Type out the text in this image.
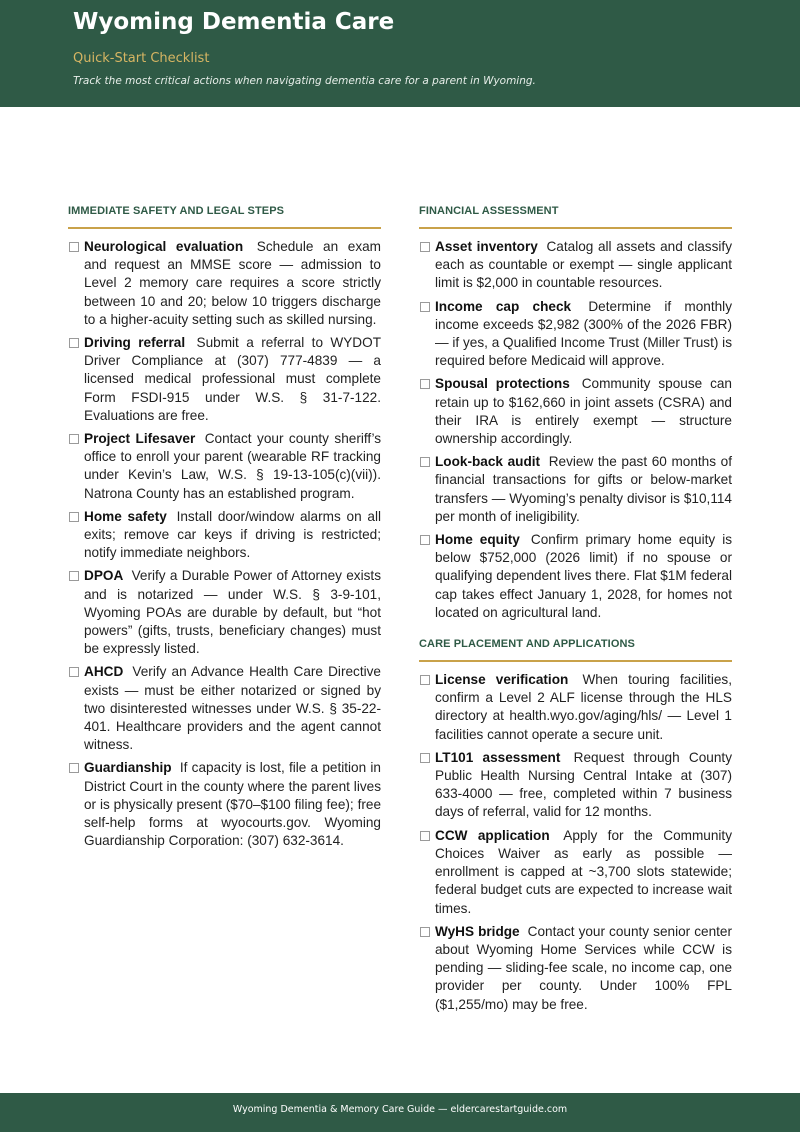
Wyoming Dementia Care
Quick-Start Checklist
Track the most critical actions when navigating dementia care for a parent in Wyoming.
IMMEDIATE SAFETY AND LEGAL STEPS
Neurological evaluation Schedule an exam and request an MMSE score — admission to Level 2 memory care requires a score strictly between 10 and 20; below 10 triggers discharge to a higher-acuity setting such as skilled nursing.
Driving referral Submit a referral to WYDOT Driver Compliance at (307) 777-4839 — a licensed medical professional must complete Form FSDI-915 under W.S. § 31-7-122. Evaluations are free.
Project Lifesaver Contact your county sheriff’s office to enroll your parent (wearable RF tracking under Kevin’s Law, W.S. § 19-13-105(c)(vii)). Natrona County has an established program.
Home safety Install door/window alarms on all exits; remove car keys if driving is restricted; notify immediate neighbors.
DPOA Verify a Durable Power of Attorney exists and is notarized — under W.S. § 3-9-101, Wyoming POAs are durable by default, but “hot powers” (gifts, trusts, beneficiary changes) must be expressly listed.
AHCD Verify an Advance Health Care Directive exists — must be either notarized or signed by two disinterested witnesses under W.S. § 35-22-401. Healthcare providers and the agent cannot witness.
Guardianship If capacity is lost, file a petition in District Court in the county where the parent lives or is physically present ($70–$100 filing fee); free self-help forms at wyocourts.gov. Wyoming Guardianship Corporation: (307) 632-3614.
FINANCIAL ASSESSMENT
Asset inventory Catalog all assets and classify each as countable or exempt — single applicant limit is $2,000 in countable resources.
Income cap check Determine if monthly income exceeds $2,982 (300% of the 2026 FBR) — if yes, a Qualified Income Trust (Miller Trust) is required before Medicaid will approve.
Spousal protections Community spouse can retain up to $162,660 in joint assets (CSRA) and their IRA is entirely exempt — structure ownership accordingly.
Look-back audit Review the past 60 months of financial transactions for gifts or below-market transfers — Wyoming’s penalty divisor is $10,114 per month of ineligibility.
Home equity Confirm primary home equity is below $752,000 (2026 limit) if no spouse or qualifying dependent lives there. Flat $1M federal cap takes effect January 1, 2028, for homes not located on agricultural land.
CARE PLACEMENT AND APPLICATIONS
License verification When touring facilities, confirm a Level 2 ALF license through the HLS directory at health.wyo.gov/aging/hls/ — Level 1 facilities cannot operate a secure unit.
LT101 assessment Request through County Public Health Nursing Central Intake at (307) 633-4000 — free, completed within 7 business days of referral, valid for 12 months.
CCW application Apply for the Community Choices Waiver as early as possible — enrollment is capped at ~3,700 slots statewide; federal budget cuts are expected to increase wait times.
WyHS bridge Contact your county senior center about Wyoming Home Services while CCW is pending — sliding-fee scale, no income cap, one provider per county. Under 100% FPL ($1,255/mo) may be free.
Wyoming Dementia & Memory Care Guide — eldercarestartguide.com
